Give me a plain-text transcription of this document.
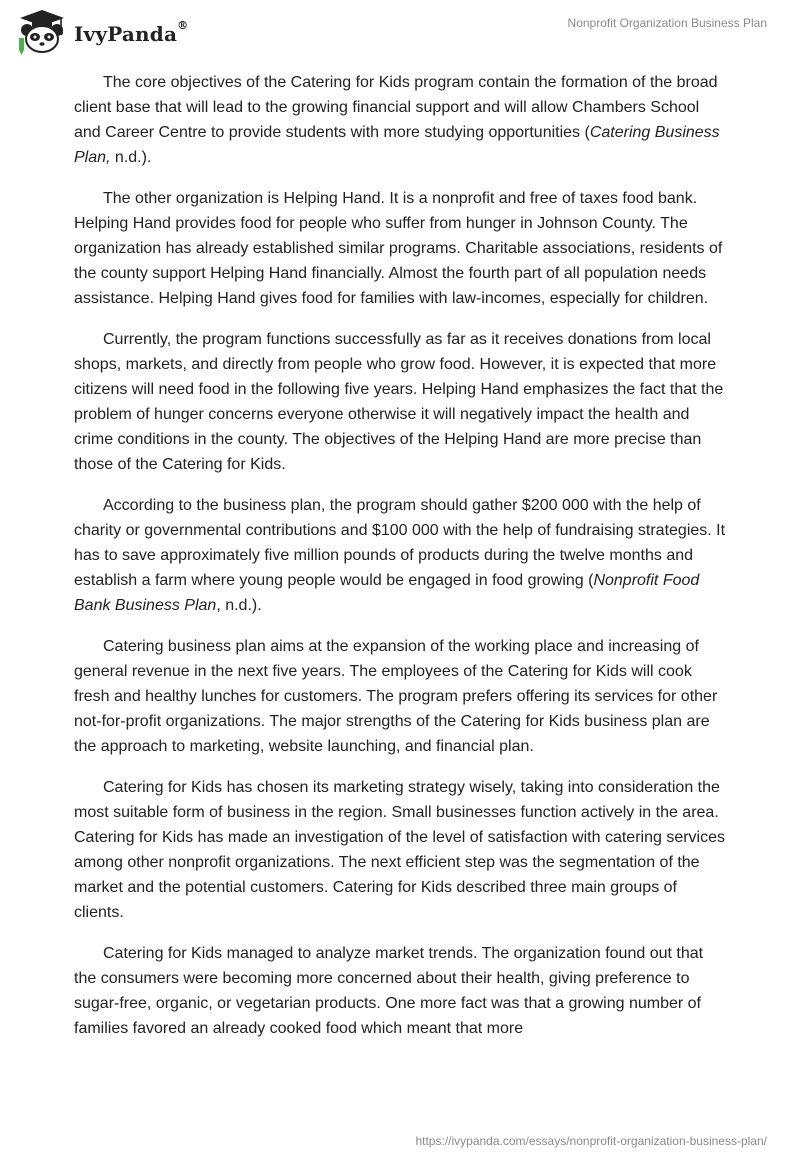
IvyPanda®	Nonprofit Organization Business Plan

The core objectives of the Catering for Kids program contain the formation of the broad client base that will lead to the growing financial support and will allow Chambers School and Career Centre to provide students with more studying opportunities (Catering Business Plan, n.d.).

The other organization is Helping Hand. It is a nonprofit and free of taxes food bank. Helping Hand provides food for people who suffer from hunger in Johnson County. The organization has already established similar programs. Charitable associations, residents of the county support Helping Hand financially. Almost the fourth part of all population needs assistance. Helping Hand gives food for families with law-incomes, especially for children.

Currently, the program functions successfully as far as it receives donations from local shops, markets, and directly from people who grow food. However, it is expected that more citizens will need food in the following five years. Helping Hand emphasizes the fact that the problem of hunger concerns everyone otherwise it will negatively impact the health and crime conditions in the county. The objectives of the Helping Hand are more precise than those of the Catering for Kids.

According to the business plan, the program should gather $200 000 with the help of charity or governmental contributions and $100 000 with the help of fundraising strategies. It has to save approximately five million pounds of products during the twelve months and establish a farm where young people would be engaged in food growing (Nonprofit Food Bank Business Plan, n.d.).

Catering business plan aims at the expansion of the working place and increasing of general revenue in the next five years. The employees of the Catering for Kids will cook fresh and healthy lunches for customers. The program prefers offering its services for other not-for-profit organizations. The major strengths of the Catering for Kids business plan are the approach to marketing, website launching, and financial plan.

Catering for Kids has chosen its marketing strategy wisely, taking into consideration the most suitable form of business in the region. Small businesses function actively in the area. Catering for Kids has made an investigation of the level of satisfaction with catering services among other nonprofit organizations. The next efficient step was the segmentation of the market and the potential customers. Catering for Kids described three main groups of clients.

Catering for Kids managed to analyze market trends. The organization found out that the consumers were becoming more concerned about their health, giving preference to sugar-free, organic, or vegetarian products. One more fact was that a growing number of families favored an already cooked food which meant that more

https://ivypanda.com/essays/nonprofit-organization-business-plan/
